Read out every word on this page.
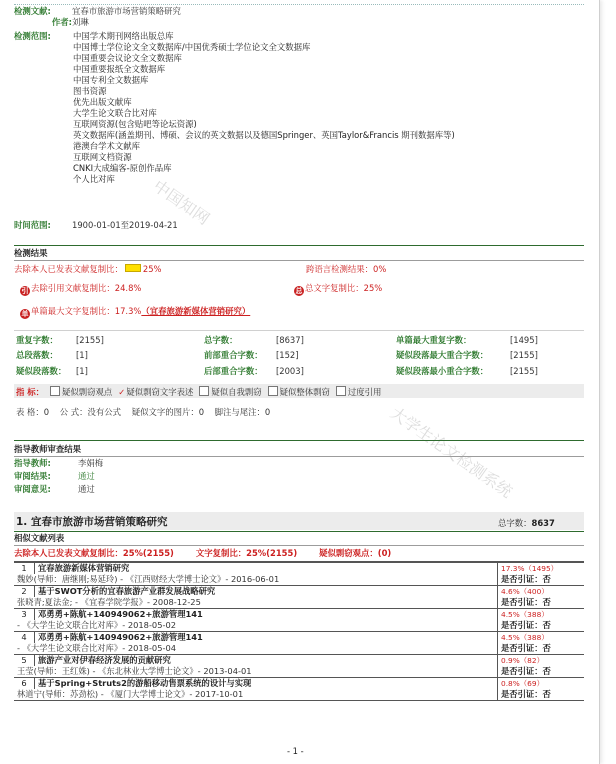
中国知网
大学生论文检测系统
检测文献:	宜春市旅游市场营销策略研究
作者:刘琳
检测范围:	中国学术期刊网络出版总库
中国博士学位论文全文数据库/中国优秀硕士学位论文全文数据库
中国重要会议论文全文数据库
中国重要报纸全文数据库
中国专利全文数据库
图书资源
优先出版文献库
大学生论文联合比对库
互联网资源(包含贴吧等论坛资源)
英文数据库(涵盖期刊、博硕、会议的英文数据以及德国Springer、英国Taylor&Francis 期刊数据库等)
港澳台学术文献库
互联网文档资源
CNKI大成编客-原创作品库
个人比对库
时间范围:	1900-01-01至2019-04-21
检测结果
去除本人已发表文献复制比： 25%	跨语言检测结果：0%
引 去除引用文献复制比：24.8%	总 总文字复制比：25%
单 单篇最大文字复制比：17.3%（宜春旅游新媒体营销研究）
重复字数： [2155]	总字数：	[8637]	单篇最大重复字数：	[1495]
总段落数： [1]	前部重合字数： [152]	疑似段落最大重合字数：	[2155]
疑似段落数： [1]	后部重合字数： [2003]	疑似段落最小重合字数：	[2155]
指 标： 疑似剽窃观点 ✓疑似剽窃文字表述 疑似自我剽窃 疑似整体剽窃 过度引用
表 格：0    公 式：没有公式    疑似文字的图片：0    脚注与尾注：0
指导教师审查结果
指导教师:	李娟梅
审阅结果:	通过
审阅意见:	通过
1. 宜春市旅游市场营销策略研究	总字数：8637
相似文献列表
去除本人已发表文献复制比：25%(2155)	文字复制比：25%(2155)	疑似剽窃观点：(0)
1	宜春旅游新媒体营销研究	17.3%（1495）
魏妙(导师：唐继刚;易延玲) - 《江西财经大学博士论文》- 2016-06-01		是否引证：否
2	基于SWOT分析的宜春旅游产业群发展战略研究	4.6%（400）
张晓青;夏法金; - 《宜春学院学报》- 2008-12-25		是否引证：否
3	邓勇勇+陈航+140949062+旅游管理141	4.5%（388）
- 《大学生论文联合比对库》- 2018-05-02		是否引证：否
4	邓勇勇+陈航+140949062+旅游管理141	4.5%（388）
- 《大学生论文联合比对库》- 2018-05-04		是否引证：否
5	旅游产业对伊春经济发展的贡献研究	0.9%（82）
王莹(导师：王红姝) - 《东北林业大学博士论文》- 2013-04-01		是否引证：否
6	基于Spring+Struts2的游船移动售票系统的设计与实现	0.8%（69）
林道宁(导师：苏劲松) - 《厦门大学博士论文》- 2017-10-01		是否引证：否
- 1 -
